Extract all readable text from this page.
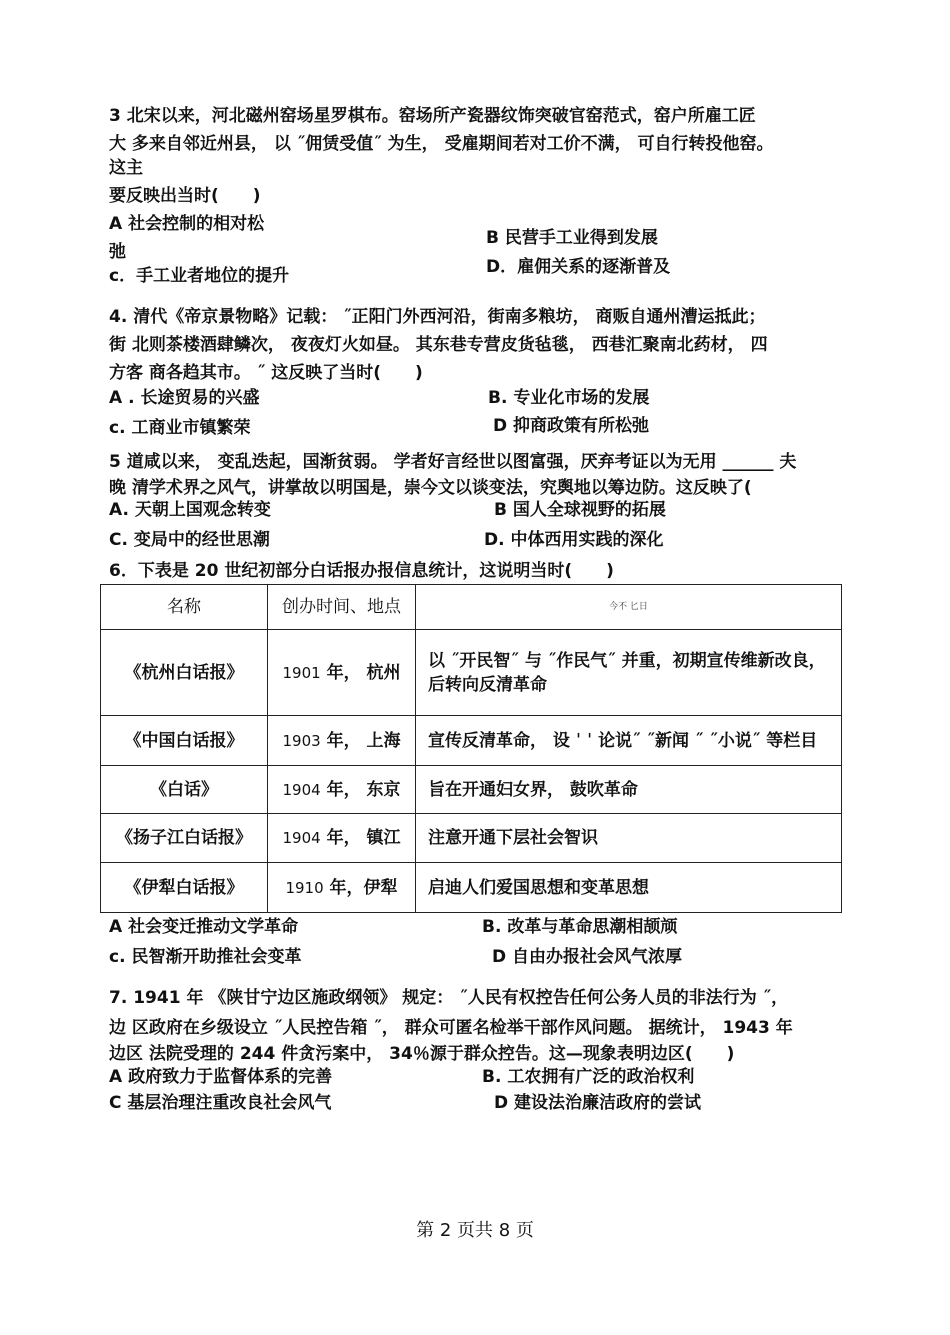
3 北宋以来，河北磁州窑场星罗棋布。窑场所产瓷器纹饰突破官窑范式，窑户所雇工匠
大 多来自邻近州县， 以 ˝佣赁受值˝ 为生， 受雇期间若对工价不满， 可自行转投他窑。
这主
要反映出当时(　　)
A 社会控制的相对松
弛
B 民营手工业得到发展
c．手工业者地位的提升	D．雇佣关系的逐渐普及
4. 清代《帝京景物略》记载： ˝正阳门外西河沿，街南多粮坊， 商贩自通州漕运抵此；
街 北则茶楼酒肆鳞次， 夜夜灯火如昼。 其东巷专营皮货毡毯， 西巷汇聚南北药材， 四
方客 商各趋其市。 ˝ 这反映了当时(　　)
A . 长途贸易的兴盛	B. 专业化市场的发展
c. 工商业市镇繁荣	D 抑商政策有所松弛
5 道咸以来， 变乱迭起，国渐贫弱。 学者好言经世以图富强，厌弃考证以为无用 ______ 夫
晚 清学术界之风气，讲掌故以明国是，崇今文以谈变法，究舆地以筹边防。这反映了(
A. 天朝上国观念转变	B 国人全球视野的拓展
C. 变局中的经世思潮	D. 中体西用实践的深化
6．下表是 20 世纪初部分白话报办报信息统计，这说明当时(　　)
名称	创办时间、地点	今不 匕日
《杭州白话报》	1901 年， 杭州	以 ˝开民智˝ 与 ˝作民气˝ 并重，初期宣传维新改良，后转向反清革命
《中国白话报》	1903 年， 上海	宣传反清革命， 设 ˈ ˈ 论说˝ ˝新闻 ˝ ˝小说˝ 等栏目
《白话》	1904 年， 东京	旨在开通妇女界， 鼓吹革命
《扬子江白话报》	1904 年， 镇江	注意开通下层社会智识
《伊犁白话报》	1910 年，伊犁	启迪人们爱国思想和变革思想
A 社会变迁推动文学革命	B. 改革与革命思潮相颉颃
c. 民智渐开助推社会变革	D 自由办报社会风气浓厚
7. 1941 年 《陕甘宁边区施政纲领》 规定： ˝人民有权控告任何公务人员的非法行为 ˝，
边 区政府在乡级设立 ˝人民控告箱 ˝， 群众可匿名检举干部作风问题。 据统计， 1943 年
边区 法院受理的 244 件贪污案中， 34％源于群众控告。这—现象表明边区(　　)
A 政府致力于监督体系的完善	B. 工农拥有广泛的政治权利
C 基层治理注重改良社会风气	D 建设法治廉洁政府的尝试
第 2 页共 8 页
